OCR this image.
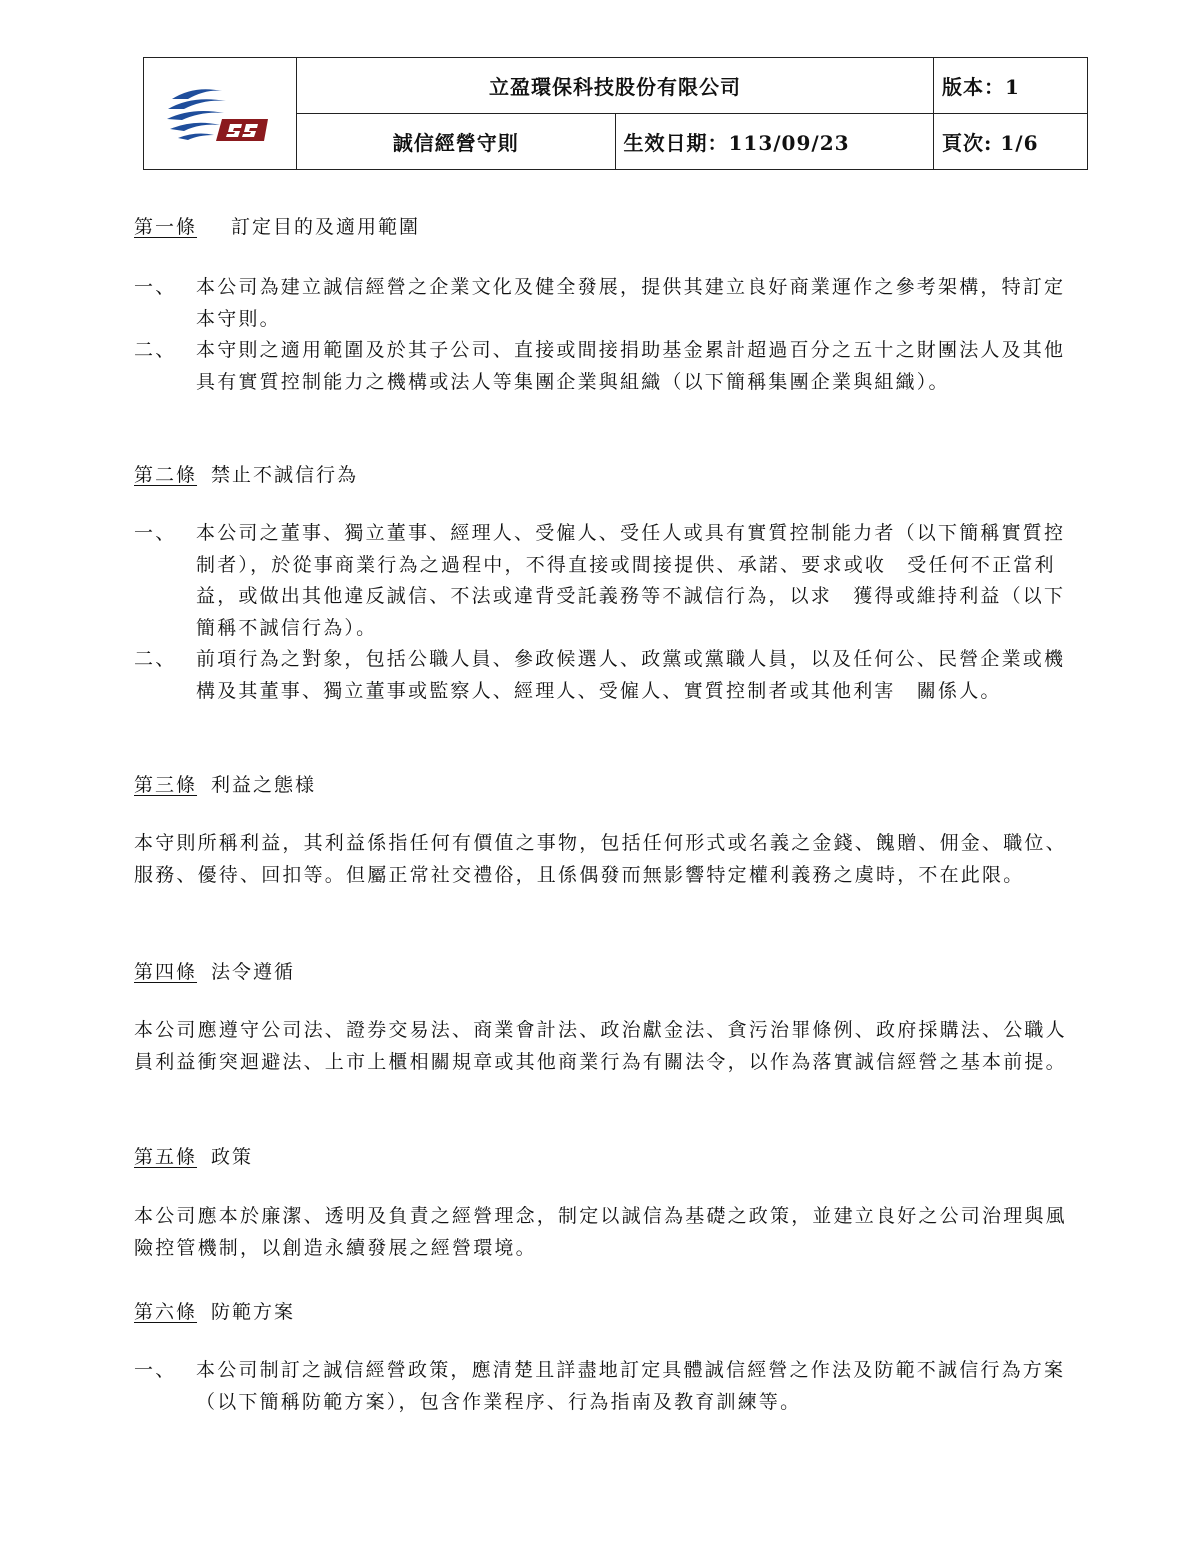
	立盈環保科技股份有限公司		版本：1
	誠信經營守則	生效日期：113/09/23	頁次: 1/6
第一條 訂定目的及適用範圍
一、 本公司為建立誠信經營之企業文化及健全發展，提供其建立良好商業運作之參考架構，特訂定本守則。
二、 本守則之適用範圍及於其子公司、直接或間接捐助基金累計超過百分之五十之財團法人及其他具有實質控制能力之機構或法人等集團企業與組織（以下簡稱集團企業與組織）。
第二條 禁止不誠信行為
一、 本公司之董事、獨立董事、經理人、受僱人、受任人或具有實質控制能力者（以下簡稱實質控制者），於從事商業行為之過程中，不得直接或間接提供、承諾、要求或收　受任何不正當利益，或做出其他違反誠信、不法或違背受託義務等不誠信行為，以求　獲得或維持利益（以下簡稱不誠信行為）。
二、 前項行為之對象，包括公職人員、參政候選人、政黨或黨職人員，以及任何公、民營企業或機構及其董事、獨立董事或監察人、經理人、受僱人、實質控制者或其他利害　關係人。
第三條 利益之態様
本守則所稱利益，其利益係指任何有價值之事物，包括任何形式或名義之金錢、餽贈、佣金、職位、服務、優待、回扣等。但屬正常社交禮俗，且係偶發而無影響特定權利義務之虞時，不在此限。
第四條 法令遵循
本公司應遵守公司法、證券交易法、商業會計法、政治獻金法、貪污治罪條例、政府採購法、公職人員利益衝突迴避法、上市上櫃相關規章或其他商業行為有關法令，以作為落實誠信經營之基本前提。
第五條 政策
本公司應本於廉潔、透明及負責之經營理念，制定以誠信為基礎之政策，並建立良好之公司治理與風險控管機制，以創造永續發展之經營環境。
第六條 防範方案
一、 本公司制訂之誠信經營政策，應清楚且詳盡地訂定具體誠信經營之作法及防範不誠信行為方案（以下簡稱防範方案），包含作業程序、行為指南及教育訓練等。
